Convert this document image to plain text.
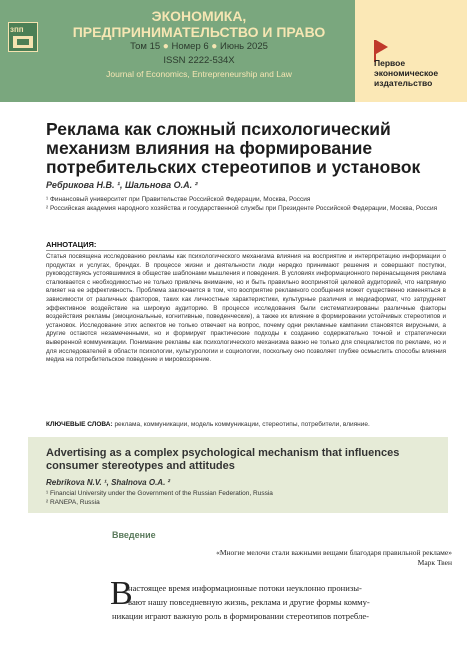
зпп
ЭКОНОМИКА,
ПРЕДПРИНИМАТЕЛЬСТВО И ПРАВО
Том 15 ● Номер 6 ● Июнь 2025
ISSN 2222-534X
Journal of Economics, Entrepreneurship and Law
Первое экономическое издательство
Реклама как сложный психологический механизм влияния на формирование потребительских стереотипов и установок
Ребрикова Н.В. ¹, Шальнова О.А. ²
¹ Финансовый университет при Правительстве Российской Федерации, Москва, Россия
² Российская академия народного хозяйства и государственной службы при Президенте Российской Федерации, Москва, Россия
АННОТАЦИЯ:
Статья посвящена исследованию рекламы как психологического механизма влияния на восприятие и интерпретацию информации о продуктах и услугах, брендах. В процессе жизни и деятельности люди нередко принимают решения и совершают поступки, руководствуясь устоявшимися в обществе шаблонами мышления и поведения. В условиях информационного перенасыщения реклама сталкивается с необходимостью не только привлечь внимание, но и быть правильно воспринятой целевой аудиторией, что напрямую влияет на ее эффективность. Проблема заключается в том, что восприятие рекламного сообщения может существенно изменяться в зависимости от различных факторов, таких как личностные характеристики, культурные различия и медиаформат, что затрудняет эффективное воздействие на широкую аудиторию. В процессе исследования были систематизированы различные факторы воздействия рекламы (эмоциональные, когнитивные, поведенческие), а также их влияние в формировании устойчивых стереотипов и установок. Исследование этих аспектов не только отвечает на вопрос, почему одни рекламные кампании становятся вирусными, а другие остаются незамеченными, но и формирует практические подходы к созданию содержательно точной и стратегически выверенной коммуникации. Понимание рекламы как психологического механизма важно не только для специалистов по рекламе, но и для исследователей в области психологии, культурологии и социологии, поскольку оно позволяет глубже осмыслить способы влияния медиа на потребительское поведение и мировоззрение.
КЛЮЧЕВЫЕ СЛОВА: реклама, коммуникации, модель коммуникации, стереотипы, потребители, влияние.
Advertising as a complex psychological mechanism that influences consumer stereotypes and attitudes
Rebrikova N.V. ¹, Shalnova O.A. ²
¹ Financial University under the Government of the Russian Federation, Russia
² RANEPA, Russia
Введение
«Многие мелочи стали важными вещами благодаря правильной рекламе»
Марк Твен
В
настоящее время информационные потоки неуклонно пронизы-
вают нашу повседневную жизнь, реклама и другие формы комму-
никации играют важную роль в формировании стереотипов потребле-
